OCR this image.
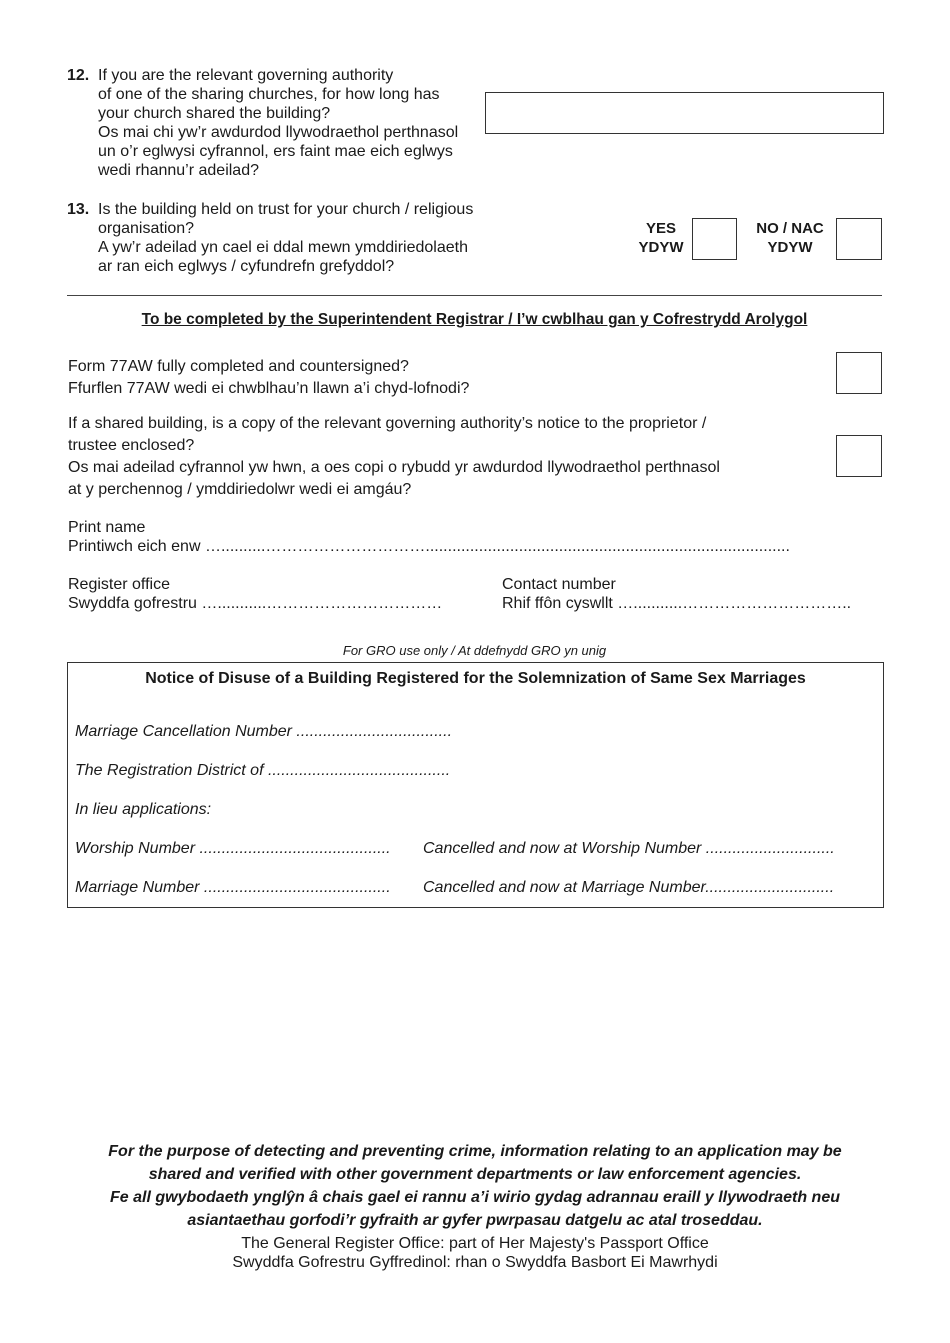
12. If you are the relevant governing authority
of one of the sharing churches, for how long has
your church shared the building?
Os mai chi yw’r awdurdod llywodraethol perthnasol
un o’r eglwysi cyfrannol, ers faint mae eich eglwys
wedi rhannu’r adeilad?
13. Is the building held on trust for your church / religious
organisation?
A yw’r adeilad yn cael ei ddal mewn ymddiriedolaeth
ar ran eich eglwys / cyfundrefn grefyddol?
YES
YDYW
NO / NAC
YDYW
To be completed by the Superintendent Registrar / I’w cwblhau gan y Cofrestrydd Arolygol
Form 77AW fully completed and countersigned?
Ffurflen 77AW wedi ei chwblhau’n llawn a’i chyd-lofnodi?
If a shared building, is a copy of the relevant governing authority’s notice to the proprietor /
trustee enclosed?
Os mai adeilad cyfrannol yw hwn, a oes copi o rybudd yr awdurdod llywodraethol perthnasol
at y perchennog / ymddiriedolwr wedi ei amgáu?
Print name
Printiwch eich enw …..........…………………………..................................................................................
Register office
Swyddfa gofrestru …...........……………………………
Contact number
Rhif ffôn cyswllt …...........…………………………..
For GRO use only / At ddefnydd GRO yn unig
Notice of Disuse of a Building Registered for the Solemnization of Same Sex Marriages
Marriage Cancellation Number ...................................
The Registration District of .........................................
In lieu applications:
Worship Number ........................................... Cancelled and now at Worship Number .............................
Marriage Number .......................................... Cancelled and now at Marriage Number.............................
For the purpose of detecting and preventing crime, information relating to an application may be
shared and verified with other government departments or law enforcement agencies.
Fe all gwybodaeth ynglŷn â chais gael ei rannu a’i wirio gydag adrannau eraill y llywodraeth neu
asiantaethau gorfodi’r gyfraith ar gyfer pwrpasau datgelu ac atal troseddau.
The General Register Office: part of Her Majesty's Passport Office
Swyddfa Gofrestru Gyffredinol: rhan o Swyddfa Basbort Ei Mawrhydi
